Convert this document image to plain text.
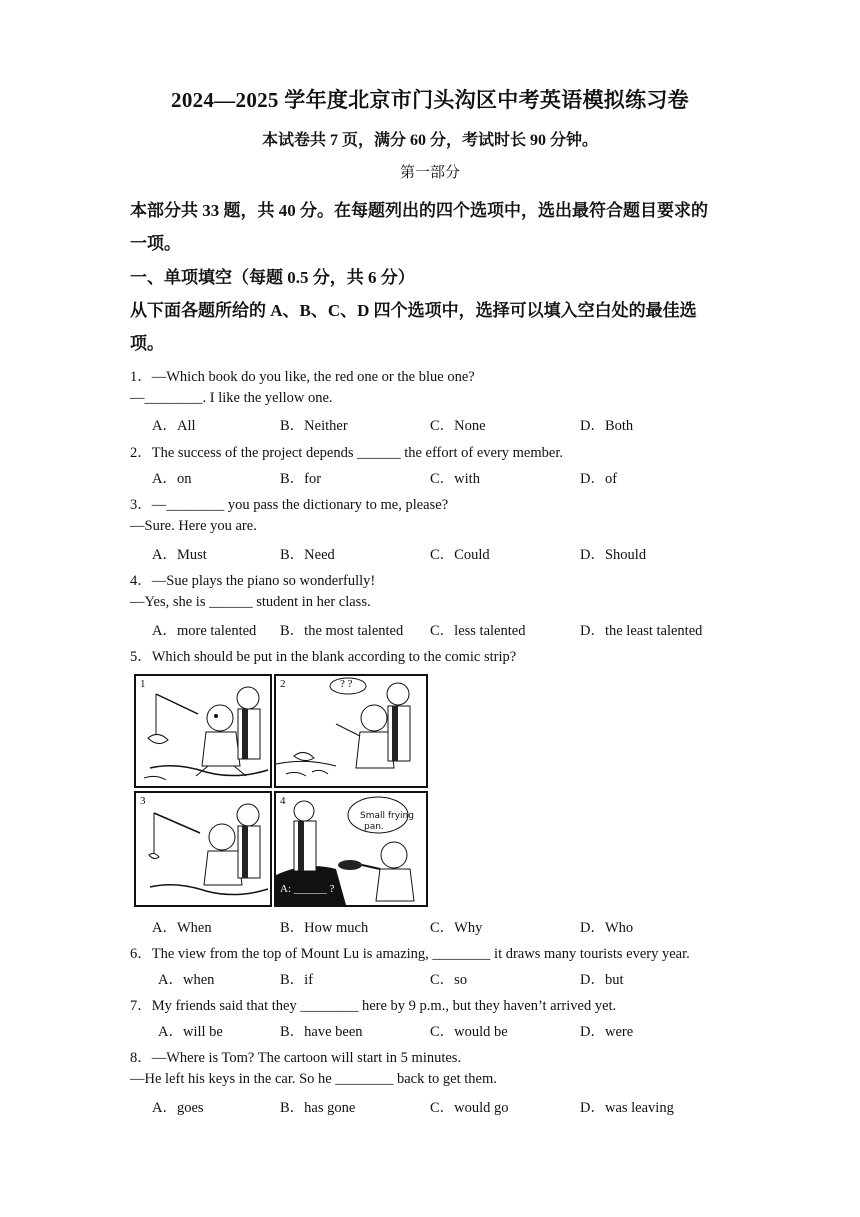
2024—2025 学年度北京市门头沟区中考英语模拟练习卷
本试卷共 7 页，满分 60 分，考试时长 90 分钟。
第一部分
本部分共 33 题，共 40 分。在每题列出的四个选项中，选出最符合题目要求的
一项。
一、单项填空（每题 0.5 分，共 6 分）
从下面各题所给的 A、B、C、D 四个选项中，选择可以填入空白处的最佳选
项。
1．—Which book do you like, the red one or the blue one?
—________. I like the yellow one.
A．All	B．Neither	C．None	D．Both
2．The success of the project depends ______ the effort of every member.
A．on	B．for	C．with	D．of
3．—________ you pass the dictionary to me, please?
—Sure. Here you are.
A．Must	B．Need	C．Could	D．Should
4．—Sue plays the piano so wonderfully!
—Yes, she is ______ student in her class.
A．more talented B．the most talented C．less talented	D．the least talented
5．Which should be put in the blank according to the comic strip?
1	2	? ?
3	4
Small frying
pan.
A: ______ ?
A．When	B．How much	C．Why	D．Who
6．The view from the top of Mount Lu is amazing, ________ it draws many tourists every year.
A．when	B．if	C．so	D．but
7．My friends said that they ________ here by 9 p.m., but they haven’t arrived yet.
A．will be	B．have been	C．would be	D．were
8．—Where is Tom? The cartoon will start in 5 minutes.
—He left his keys in the car. So he ________ back to get them.
A．goes	B．has gone	C．would go	D．was leaving
